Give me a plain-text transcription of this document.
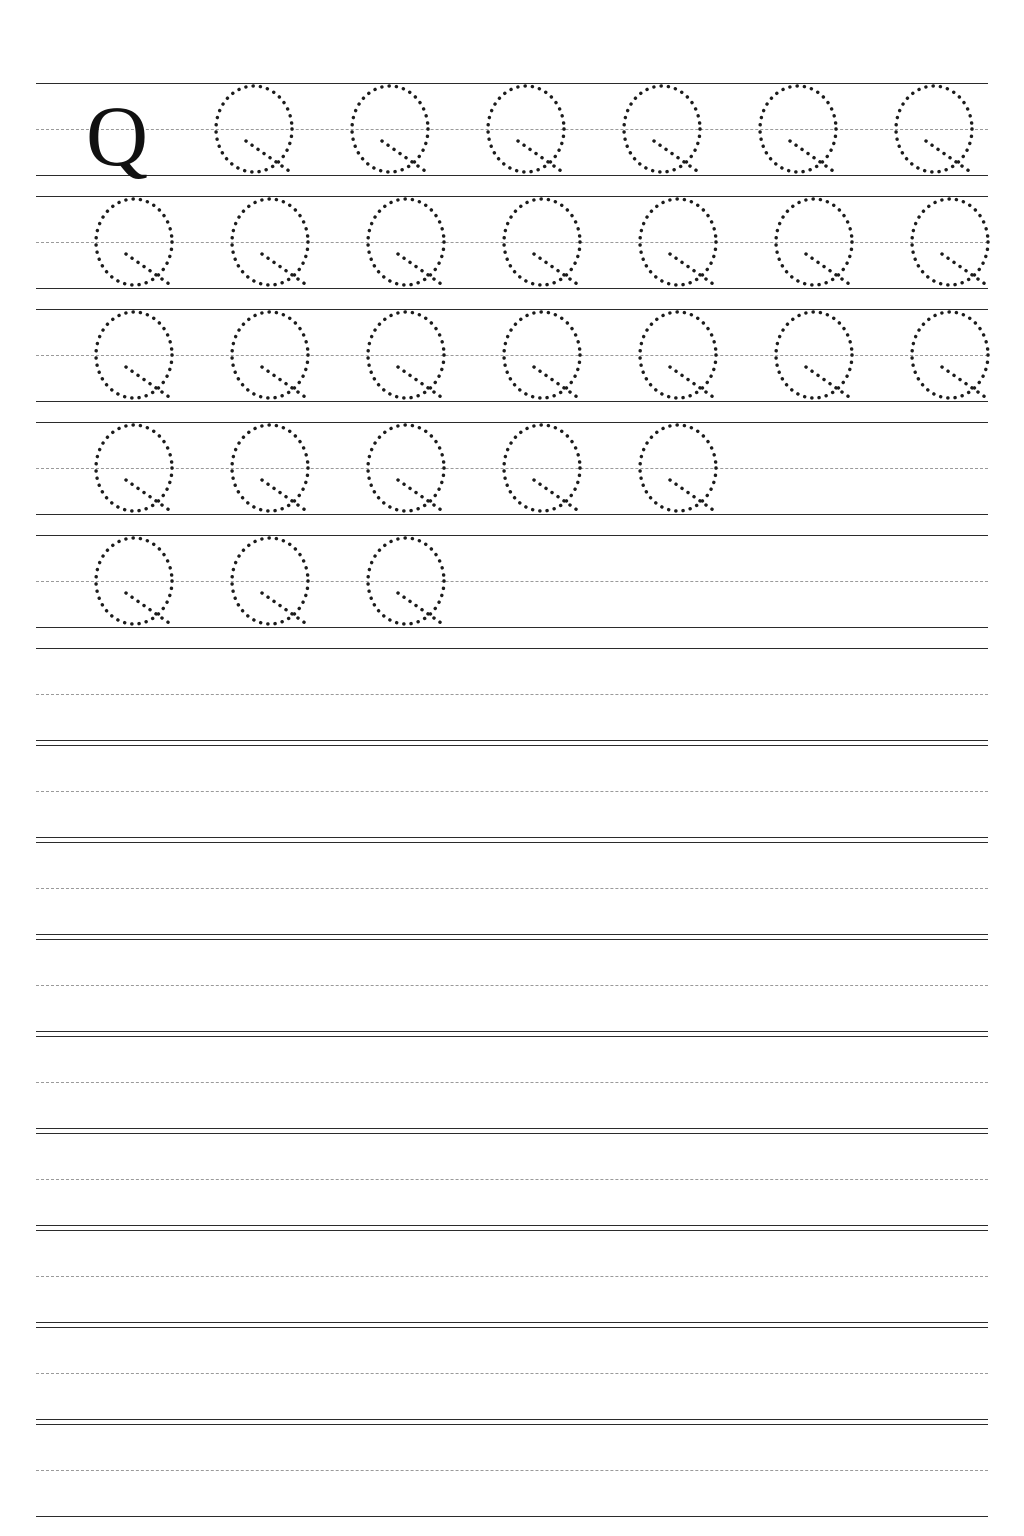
Q
